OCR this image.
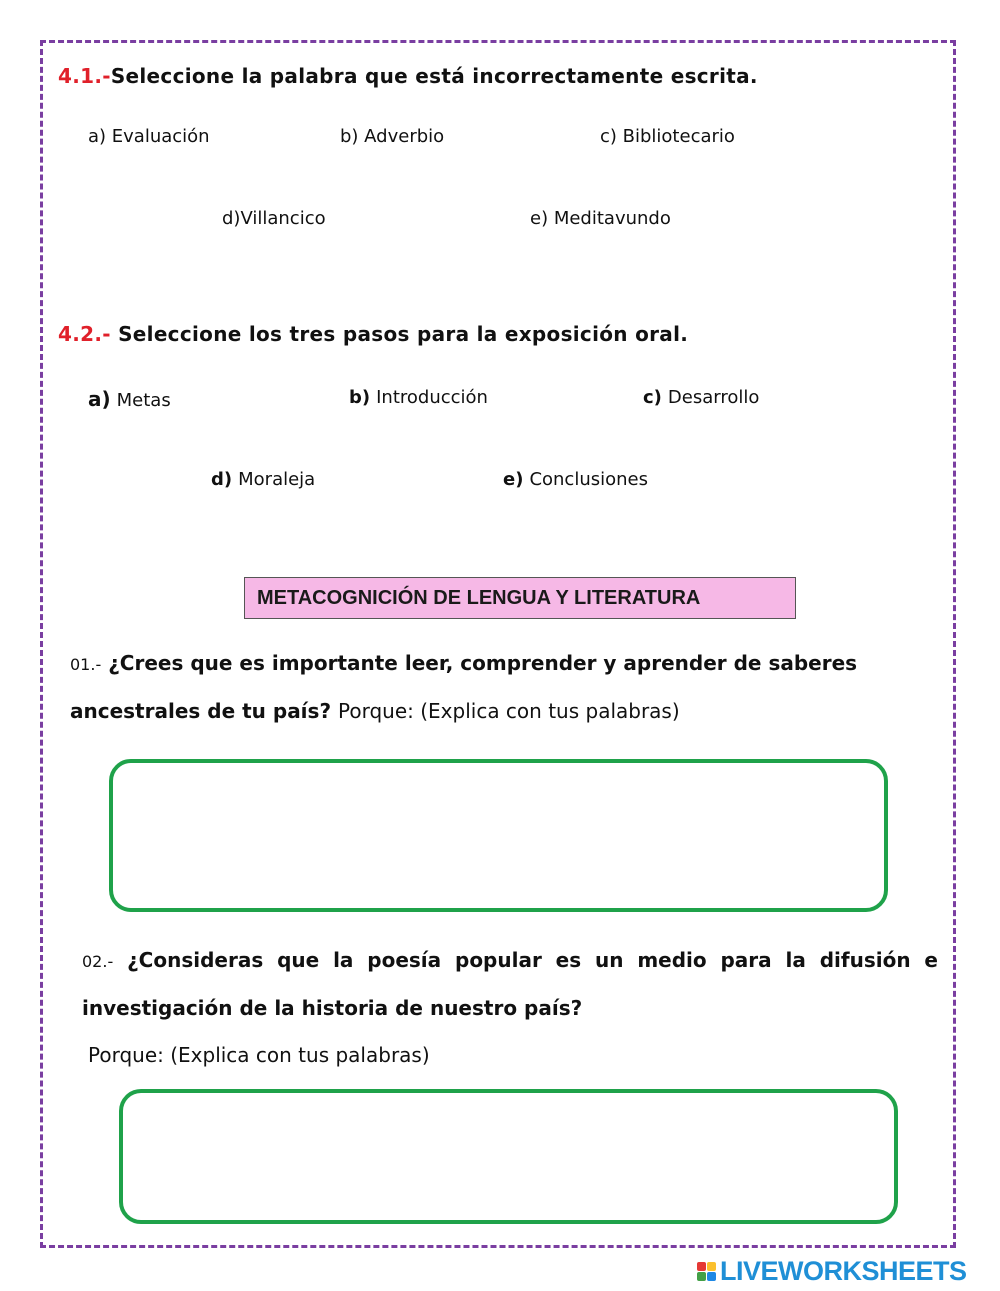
4.1.-Seleccione la palabra que está incorrectamente escrita.
a) Evaluación	b) Adverbio	c) Bibliotecario
d)Villancico	e) Meditavundo
4.2.- Seleccione los tres pasos para la exposición oral.
a) Metas	b) Introducción	c) Desarrollo
d) Moraleja	e) Conclusiones
METACOGNICIÓN DE LENGUA Y LITERATURA
01.- ¿Crees que es importante leer, comprender y aprender de saberes
ancestrales de tu país? Porque: (Explica con tus palabras)
02.- ¿Consideras que la poesía popular es un medio para la difusión e
investigación de la historia de nuestro país?
Porque: (Explica con tus palabras)
LIVEWORKSHEETS
